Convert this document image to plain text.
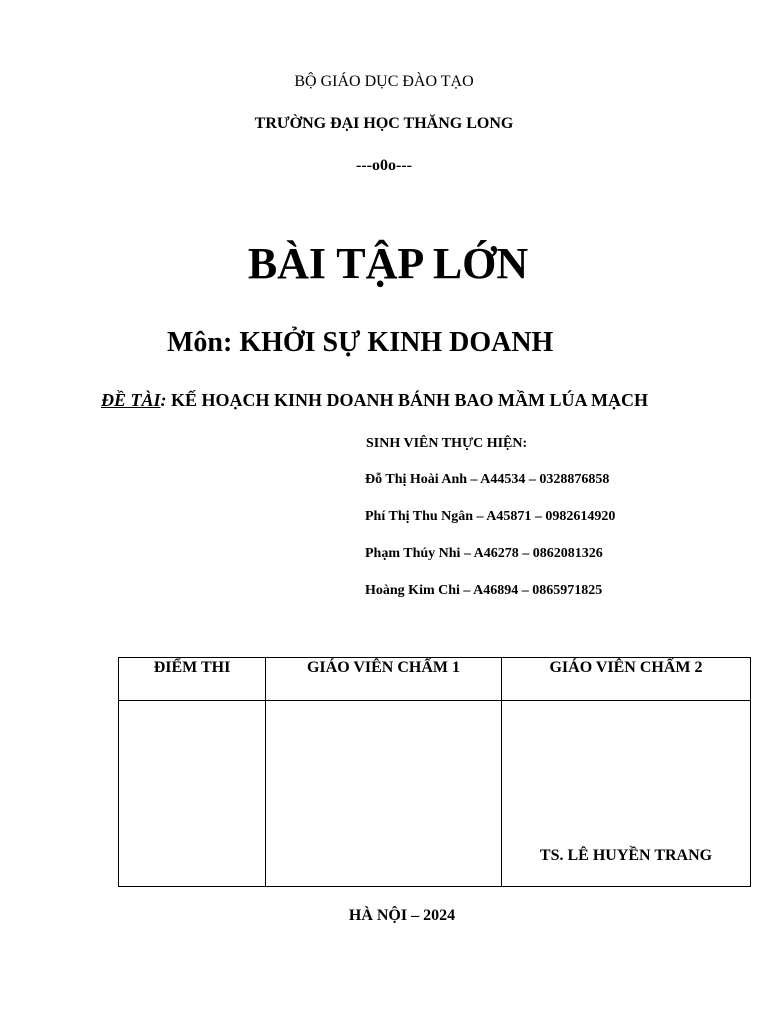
BỘ GIÁO DỤC ĐÀO TẠO
TRƯỜNG ĐẠI HỌC THĂNG LONG
---o0o---
BÀI TẬP LỚN
Môn: KHỞI SỰ KINH DOANH
ĐỀ TÀI: KẾ HOẠCH KINH DOANH BÁNH BAO MẦM LÚA MẠCH
SINH VIÊN THỰC HIỆN:
Đỗ Thị Hoài Anh – A44534 – 0328876858
Phí Thị Thu Ngân – A45871 – 0982614920
Phạm Thúy Nhi – A46278 – 0862081326
Hoàng Kim Chi – A46894 – 0865971825
ĐIỂM THI	GIÁO VIÊN CHẤM 1	GIÁO VIÊN CHẤM 2
		TS. LÊ HUYỀN TRANG
HÀ NỘI – 2024
